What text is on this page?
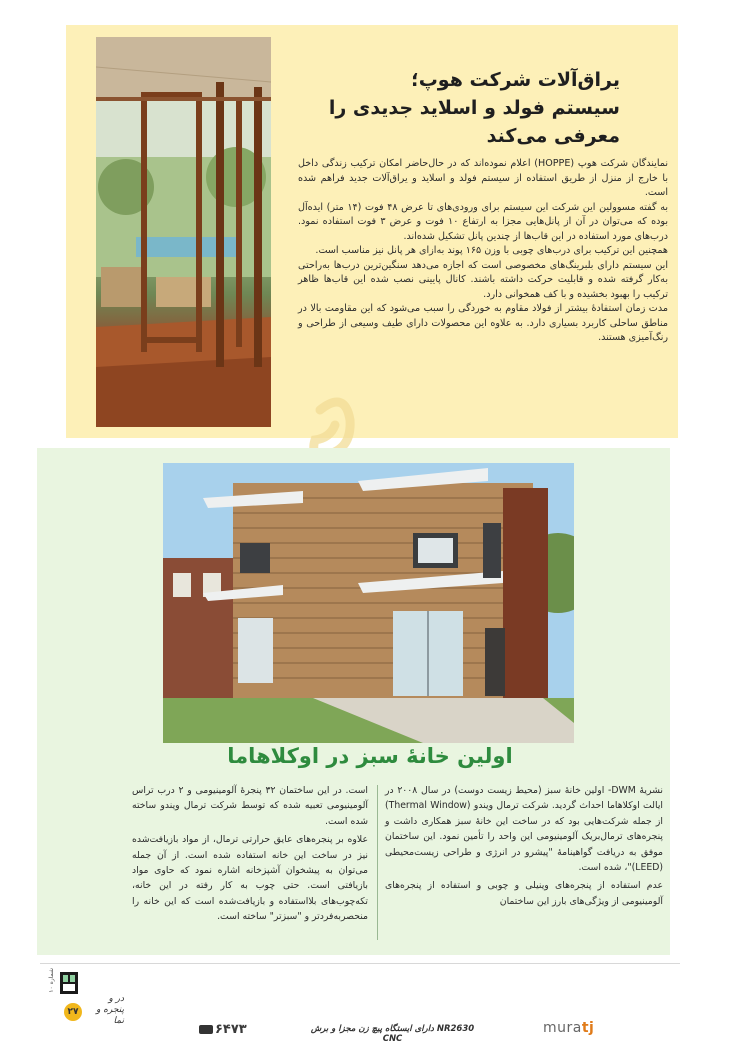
یراق‌آلات شرکت هوپ؛
سیستم فولد و اسلاید جدیدی را
معرفی می‌کند

نمایندگان شرکت هوپ (HOPPE) اعلام نموده‌اند که در حال‌حاضر امکان ترکیب زندگی داخل با خارج از منزل از طریق استفاده از سیستم فولد و اسلاید و یراق‌آلات جدید فراهم شده است.

به گفته مسوولین این شرکت این سیستم برای ورودی‌های تا عرض ۴۸ فوت (۱۴ متر) ایده‌آل بوده که می‌توان در آن از پانل‌هایی مجزا به ارتفاع ۱۰ فوت و عرض ۳ فوت استفاده نمود. درب‌های مورد استفاده در این قاب‌ها از چندین پانل تشکیل شده‌اند.

همچنین این ترکیب برای درب‌های چوبی با وزن ۱۶۵ پوند به‌ازای هر پانل نیز مناسب است.

این سیستم دارای بلبرینگ‌های مخصوصی است که اجازه می‌دهد سنگین‌ترین درب‌ها به‌راحتی به‌کار گرفته شده و قابلیت حرکت داشته باشند. کانال پایینی نصب شده این قاب‌ها ظاهر ترکیب را بهبود بخشیده و با کف همخوانی دارد.

مدت زمان استفادهٔ بیشتر از فولاد مقاوم به خوردگی را سبب می‌شود که این مقاومت بالا در مناطق ساحلی کاربرد بسیاری دارد. به علاوه این محصولات دارای طیف وسیعی از طراحی و رنگ‌آمیزی هستند.

اولین خانهٔ سبز در اوکلاهاما

نشریهٔ DWM- اولین خانهٔ سبز (محیط زیست دوست) در سال ۲۰۰۸ در ایالت اوکلاهاما احداث گردید. شرکت ترمال ویندو (Thermal Window) از جمله شرکت‌هایی بود که در ساخت این خانهٔ سبز همکاری داشت و پنجره‌های ترمال‌بریک آلومینیومی این واحد را تأمین نمود. این ساختمان موفق به دریافت گواهینامهٔ "پیشرو در انرژی و طراحی زیست‌محیطی (LEED)"، شده است.

عدم استفاده از پنجره‌های وینیلی و چوبی و استفاده از پنجره‌های آلومینیومی از ویژگی‌های بارز این ساختمان

است. در این ساختمان ۳۲ پنجرهٔ آلومینیومی و ۲ درب تراس آلومینیومی تعبیه شده که توسط شرکت ترمال ویندو ساخته شده است.

علاوه بر پنجره‌های عایق حرارتی ترمال، از مواد بازیافت‌شده نیز در ساخت این خانه استفاده شده است. از آن جمله می‌توان به پیشخوان آشپزخانه اشاره نمود که حاوی مواد بازیافتی است. حتی چوب به کار رفته در این خانه، تکه‌چوب‌های بلااستفاده و بازیافت‌شده است که این خانه را منحصربه‌فردتر و "سبزتر" ساخته است.

شماره ۱۰
۲۷
در و پنجره و نما
۶۴۷۳	NR2630 دارای ایستگاه پیچ زن مجزا و برش CNC
muratj
